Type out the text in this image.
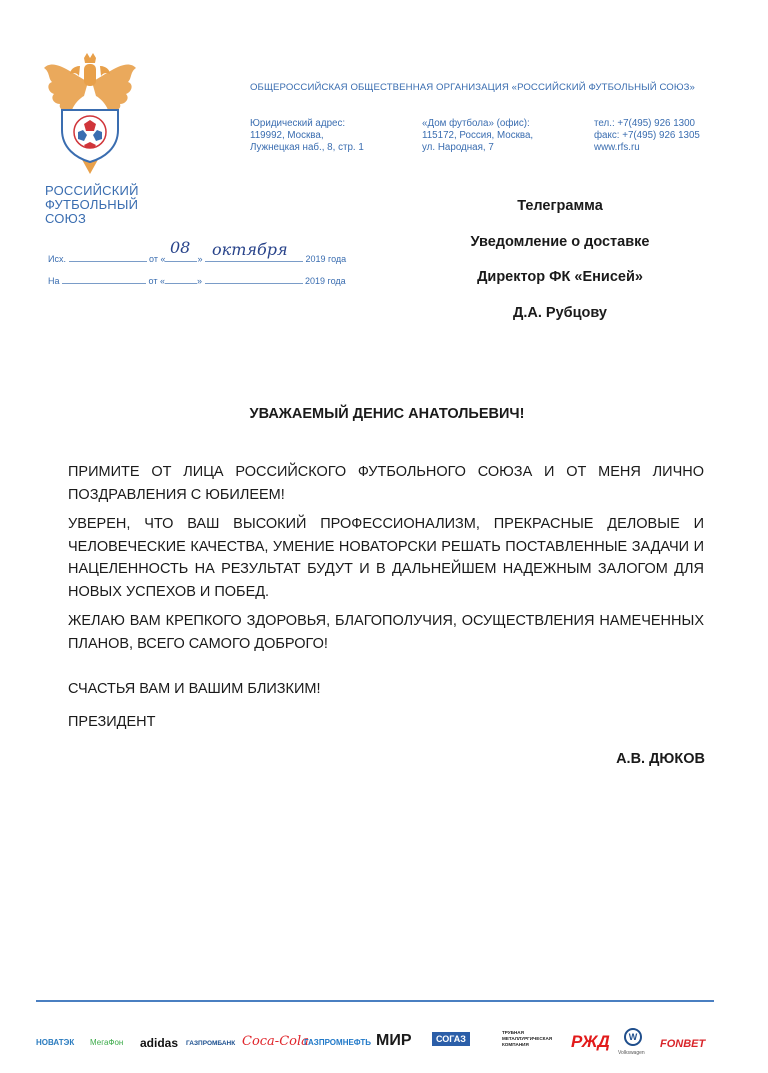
РОССИЙСКИЙ
ФУТБОЛЬНЫЙ
СОЮЗ
ОБЩЕРОССИЙСКАЯ ОБЩЕСТВЕННАЯ ОРГАНИЗАЦИЯ «РОССИЙСКИЙ ФУТБОЛЬНЫЙ СОЮЗ»
Юридический адрес:
119992, Москва,
Лужнецкая наб., 8, стр. 1
«Дом футбола» (офис):
115172, Россия, Москва,
ул. Народная, 7
тел.: +7(495) 926 1300
факс: +7(495) 926 1305
www.rfs.ru
Исх.	от «	»	2019 года
08 октября
На	от «	»	2019 года
Телеграмма
Уведомление о доставке
Директор ФК «Енисей»
Д.А. Рубцову
УВАЖАЕМЫЙ ДЕНИС АНАТОЛЬЕВИЧ!
ПРИМИТЕ ОТ ЛИЦА РОССИЙСКОГО ФУТБОЛЬНОГО СОЮЗА И ОТ МЕНЯ ЛИЧНО ПОЗДРАВЛЕНИЯ С ЮБИЛЕЕМ!
УВЕРЕН, ЧТО ВАШ ВЫСОКИЙ ПРОФЕССИОНАЛИЗМ, ПРЕКРАСНЫЕ ДЕЛОВЫЕ И ЧЕЛОВЕЧЕСКИЕ КАЧЕСТВА, УМЕНИЕ НОВАТОРСКИ РЕШАТЬ ПОСТАВЛЕННЫЕ ЗАДАЧИ И НАЦЕЛЕННОСТЬ НА РЕЗУЛЬТАТ БУДУТ И В ДАЛЬНЕЙШЕМ НАДЕЖНЫМ ЗАЛОГОМ ДЛЯ НОВЫХ УСПЕХОВ И ПОБЕД.
ЖЕЛАЮ ВАМ КРЕПКОГО ЗДОРОВЬЯ, БЛАГОПОЛУЧИЯ, ОСУЩЕСТВЛЕНИЯ НАМЕЧЕННЫХ ПЛАНОВ, ВСЕГО САМОГО ДОБРОГО!
СЧАСТЬЯ ВАМ И ВАШИМ БЛИЗКИМ!
ПРЕЗИДЕНТ
А.В. ДЮКОВ
НОВАТЭК МегаФон adidas ГАЗПРОМБАНК Coca-Cola
ГАЗПРОМНЕФТЬ МИР	СОГАЗ
ТРУБНАЯ МЕТАЛЛУРГИЧЕСКАЯ КОМПАНИЯ	РЖД
Volkswagen
W
FONBET
